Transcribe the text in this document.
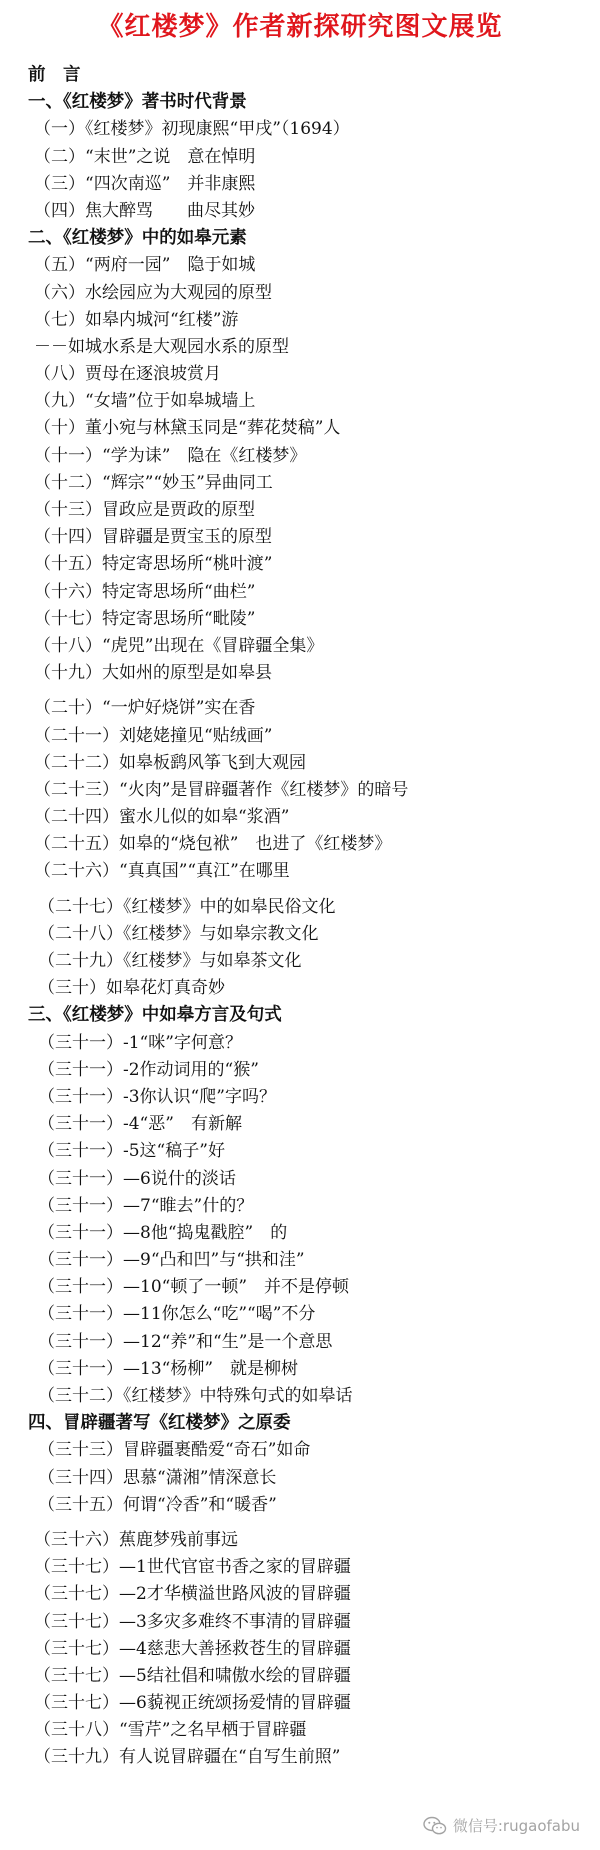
《红楼梦》作者新探研究图文展览
前　言
一、《红楼梦》著书时代背景
（一）《红楼梦》初现康熙“甲戌”（1694）
（二）“末世”之说　意在悼明
（三）“四次南巡”　并非康熙
（四）焦大醉骂　　曲尽其妙
二、《红楼梦》中的如皋元素
（五）“两府一园”　隐于如城
（六）水绘园应为大观园的原型
（七）如皋内城河“红楼”游
－－如城水系是大观园水系的原型
（八）贾母在逐浪坡赏月
（九）“女墙”位于如皋城墙上
（十）董小宛与林黛玉同是“葬花焚稿”人
（十一）“学为诔”　隐在《红楼梦》
（十二）“辉宗”“妙玉”异曲同工
（十三）冒政应是贾政的原型
（十四）冒辟疆是贾宝玉的原型
（十五）特定寄思场所“桃叶渡”
（十六）特定寄思场所“曲栏”
（十七）特定寄思场所“毗陵”
（十八）“虎兕”出现在《冒辟疆全集》
（十九）大如州的原型是如皋县
（二十）“一炉好烧饼”实在香
（二十一）刘姥姥撞见“贴绒画”
（二十二）如皋板鹞风筝飞到大观园
（二十三）“火肉”是冒辟疆著作《红楼梦》的暗号
（二十四）蜜水儿似的如皋“浆酒”
（二十五）如皋的“烧包袱”　也进了《红楼梦》
（二十六）“真真国”“真江”在哪里
（二十七）《红楼梦》中的如皋民俗文化
（二十八）《红楼梦》与如皋宗教文化
（二十九）《红楼梦》与如皋茶文化
（三十）如皋花灯真奇妙
三、《红楼梦》中如皋方言及句式
（三十一）-1“咪”字何意？
（三十一）-2作动词用的“猴”
（三十一）-3你认识“爬”字吗？
（三十一）-4“恶”　有新解
（三十一）-5这“稿子”好
（三十一）—6说什的淡话
（三十一）—7“睢去”什的？
（三十一）—8他“捣鬼戳腔”　的
（三十一）—9“凸和凹”与“拱和洼”
（三十一）—10“顿了一顿”　并不是停顿
（三十一）—11你怎么“吃”“喝”不分
（三十一）—12“养”和“生”是一个意思
（三十一）—13“杨柳”　就是柳树
（三十二）《红楼梦》中特殊句式的如皋话
四、冒辟疆著写《红楼梦》之原委
（三十三）冒辟疆裹酷爱“奇石”如命
（三十四）思慕“潇湘”情深意长
（三十五）何谓“冷香”和“暖香”
（三十六）蕉鹿梦残前事远
（三十七）—1世代官宦书香之家的冒辟疆
（三十七）—2才华横溢世路风波的冒辟疆
（三十七）—3多灾多难终不事清的冒辟疆
（三十七）—4慈悲大善拯救苍生的冒辟疆
（三十七）—5结社倡和啸傲水绘的冒辟疆
（三十七）—6藐视正统颂扬爱情的冒辟疆
（三十八）“雪芹”之名早栖于冒辟疆
（三十九）有人说冒辟疆在“自写生前照”
微信号:rugaofabu
